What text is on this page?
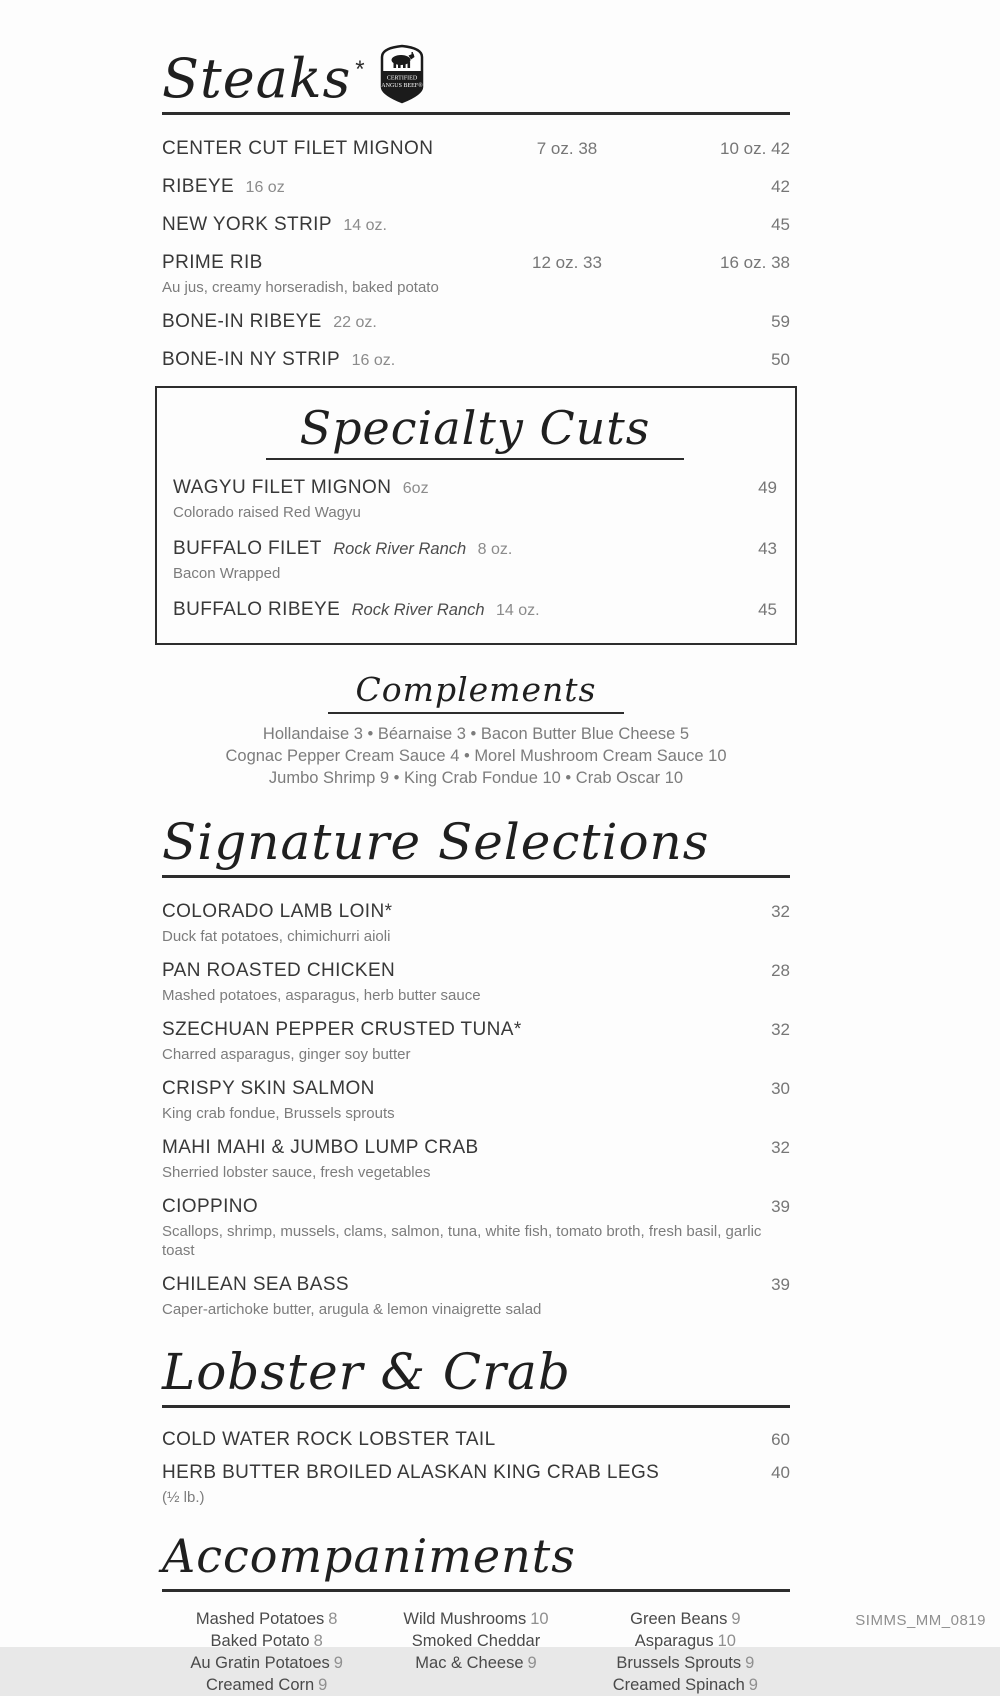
Steaks *	CERTIFIED
ANGUS BEEF®
CENTER CUT FILET MIGNON	7 oz. 38	10 oz. 42
RIBEYE 16 oz	42
NEW YORK STRIP 14 oz.	45
PRIME RIB	12 oz. 33	16 oz. 38
Au jus, creamy horseradish, baked potato
BONE-IN RIBEYE 22 oz.	59
BONE-IN NY STRIP 16 oz.	50
Specialty Cuts
WAGYU FILET MIGNON 6oz	49
Colorado raised Red Wagyu
BUFFALO FILET Rock River Ranch 8 oz.	43
Bacon Wrapped
BUFFALO RIBEYE Rock River Ranch 14 oz.	45
Complements
Hollandaise 3 • Béarnaise 3 • Bacon Butter Blue Cheese 5
Cognac Pepper Cream Sauce 4 • Morel Mushroom Cream Sauce 10
Jumbo Shrimp 9 • King Crab Fondue 10 • Crab Oscar 10
Signature Selections
COLORADO LAMB LOIN*	32
Duck fat potatoes, chimichurri aioli
PAN ROASTED CHICKEN	28
Mashed potatoes, asparagus, herb butter sauce
SZECHUAN PEPPER CRUSTED TUNA*	32
Charred asparagus, ginger soy butter
CRISPY SKIN SALMON	30
King crab fondue, Brussels sprouts
MAHI MAHI & JUMBO LUMP CRAB	32
Sherried lobster sauce, fresh vegetables
CIOPPINO	39
Scallops, shrimp, mussels, clams, salmon, tuna, white fish, tomato broth, fresh basil, garlic toast
CHILEAN SEA BASS	39
Caper-artichoke butter, arugula & lemon vinaigrette salad
Lobster & Crab
COLD WATER ROCK LOBSTER TAIL	60
HERB BUTTER BROILED ALASKAN KING CRAB LEGS	40
(½ lb.)
Accompaniments
Mashed Potatoes 8
Baked Potato 8
Au Gratin Potatoes 9
Creamed Corn 9
Wild Mushrooms 10
Smoked Cheddar
Mac & Cheese 9
Green Beans 9
Asparagus 10
Brussels Sprouts 9
Creamed Spinach 9
SIMMS_MM_0819
